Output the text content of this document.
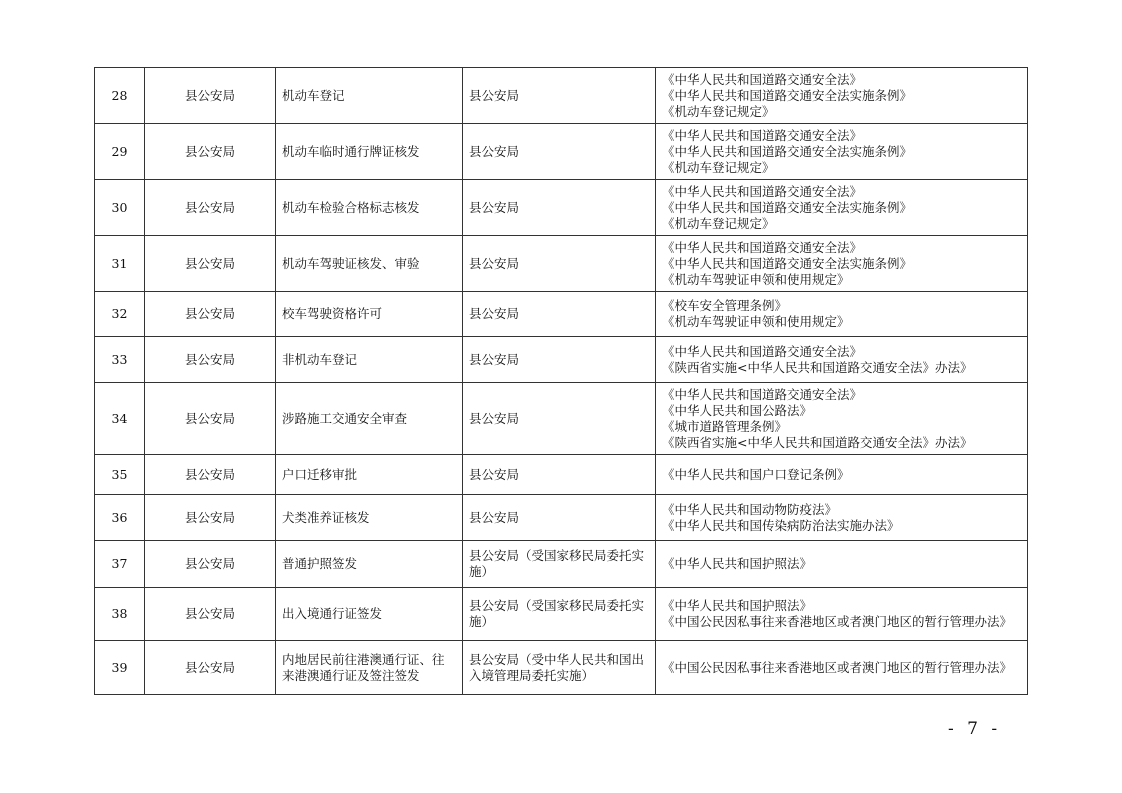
28	县公安局	机动车登记	县公安局	《中华人民共和国道路交通安全法》
《中华人民共和国道路交通安全法实施条例》
《机动车登记规定》

29	县公安局	机动车临时通行牌证核发	县公安局	《中华人民共和国道路交通安全法》
《中华人民共和国道路交通安全法实施条例》
《机动车登记规定》

30	县公安局	机动车检验合格标志核发	县公安局	《中华人民共和国道路交通安全法》
《中华人民共和国道路交通安全法实施条例》
《机动车登记规定》

31	县公安局	机动车驾驶证核发、审验	县公安局	《中华人民共和国道路交通安全法》
《中华人民共和国道路交通安全法实施条例》
《机动车驾驶证申领和使用规定》

32	县公安局	校车驾驶资格许可	县公安局	《校车安全管理条例》
《机动车驾驶证申领和使用规定》

33	县公安局	非机动车登记	县公安局	《中华人民共和国道路交通安全法》
《陕西省实施<中华人民共和国道路交通安全法》办法》

34	县公安局	涉路施工交通安全审查	县公安局	《中华人民共和国道路交通安全法》
《中华人民共和国公路法》
《城市道路管理条例》
《陕西省实施<中华人民共和国道路交通安全法》办法》

35	县公安局	户口迁移审批	县公安局	《中华人民共和国户口登记条例》

36	县公安局	犬类准养证核发	县公安局	《中华人民共和国动物防疫法》
《中华人民共和国传染病防治法实施办法》

37	县公安局	普通护照签发	县公安局（受国家移民局委托实施）	《中华人民共和国护照法》

38	县公安局	出入境通行证签发	县公安局（受国家移民局委托实施）	《中华人民共和国护照法》
《中国公民因私事往来香港地区或者澳门地区的暂行管理办法》

39	县公安局	内地居民前往港澳通行证、往来港澳通行证及签注签发	县公安局（受中华人民共和国出入境管理局委托实施）	《中国公民因私事往来香港地区或者澳门地区的暂行管理办法》
- 7 -
